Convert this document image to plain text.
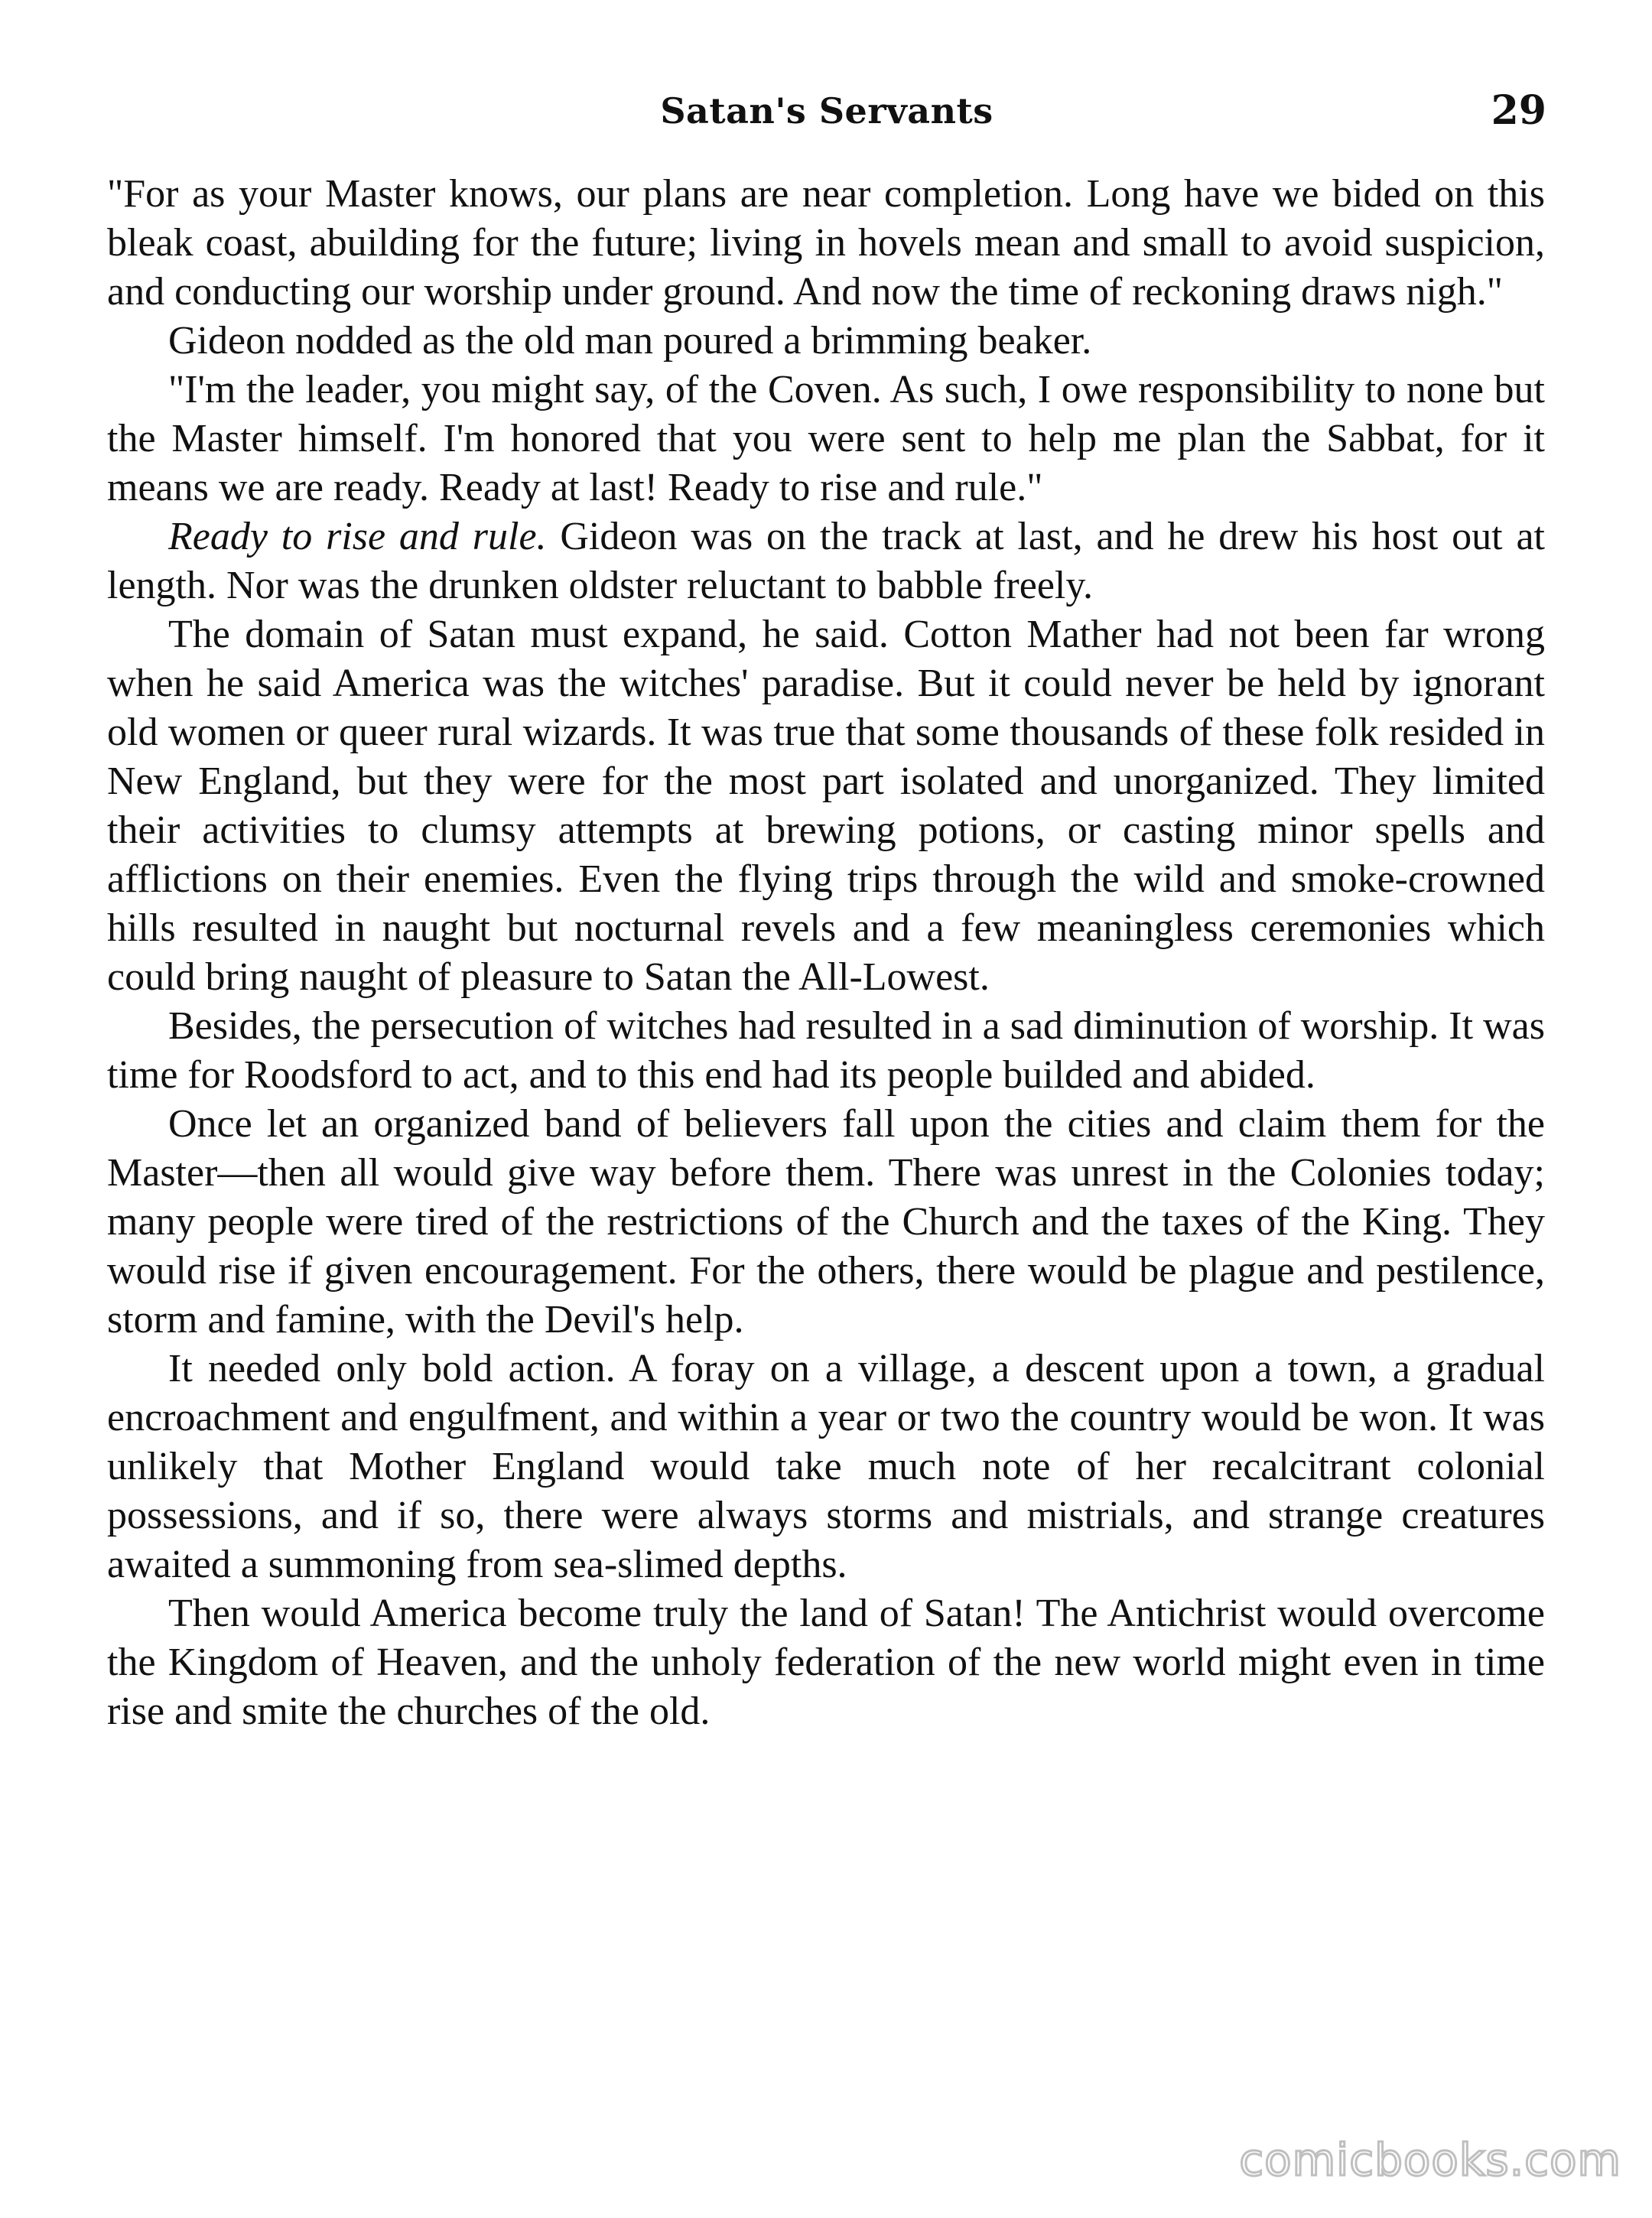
Satan's Servants	29

"For as your Master knows, our plans are near completion. Long have we bided on this bleak coast, abuilding for the future; living in hovels mean and small to avoid suspicion, and conducting our worship under ground. And now the time of reckoning draws nigh."

Gideon nodded as the old man poured a brimming beaker.

"I'm the leader, you might say, of the Coven. As such, I owe responsibility to none but the Master himself. I'm honored that you were sent to help me plan the Sabbat, for it means we are ready. Ready at last! Ready to rise and rule."

Ready to rise and rule. Gideon was on the track at last, and he drew his host out at length. Nor was the drunken oldster reluctant to babble freely.

The domain of Satan must expand, he said. Cotton Mather had not been far wrong when he said America was the witches' paradise. But it could never be held by ignorant old women or queer rural wizards. It was true that some thousands of these folk resided in New England, but they were for the most part isolated and unorganized. They limited their activities to clumsy attempts at brewing potions, or casting minor spells and afflictions on their enemies. Even the flying trips through the wild and smoke-crowned hills resulted in naught but nocturnal revels and a few meaningless ceremonies which could bring naught of pleasure to Satan the All-Lowest.

Besides, the persecution of witches had resulted in a sad diminution of worship. It was time for Roodsford to act, and to this end had its people builded and abided.

Once let an organized band of believers fall upon the cities and claim them for the Master—then all would give way before them. There was unrest in the Colonies today; many people were tired of the restrictions of the Church and the taxes of the King. They would rise if given encouragement. For the others, there would be plague and pestilence, storm and famine, with the Devil's help.

It needed only bold action. A foray on a village, a descent upon a town, a gradual encroachment and engulfment, and within a year or two the country would be won. It was unlikely that Mother England would take much note of her recalcitrant colonial possessions, and if so, there were always storms and mistrials, and strange creatures awaited a summoning from sea-slimed depths.

Then would America become truly the land of Satan! The Antichrist would overcome the Kingdom of Heaven, and the unholy federation of the new world might even in time rise and smite the churches of the old.

comicbooks.com
